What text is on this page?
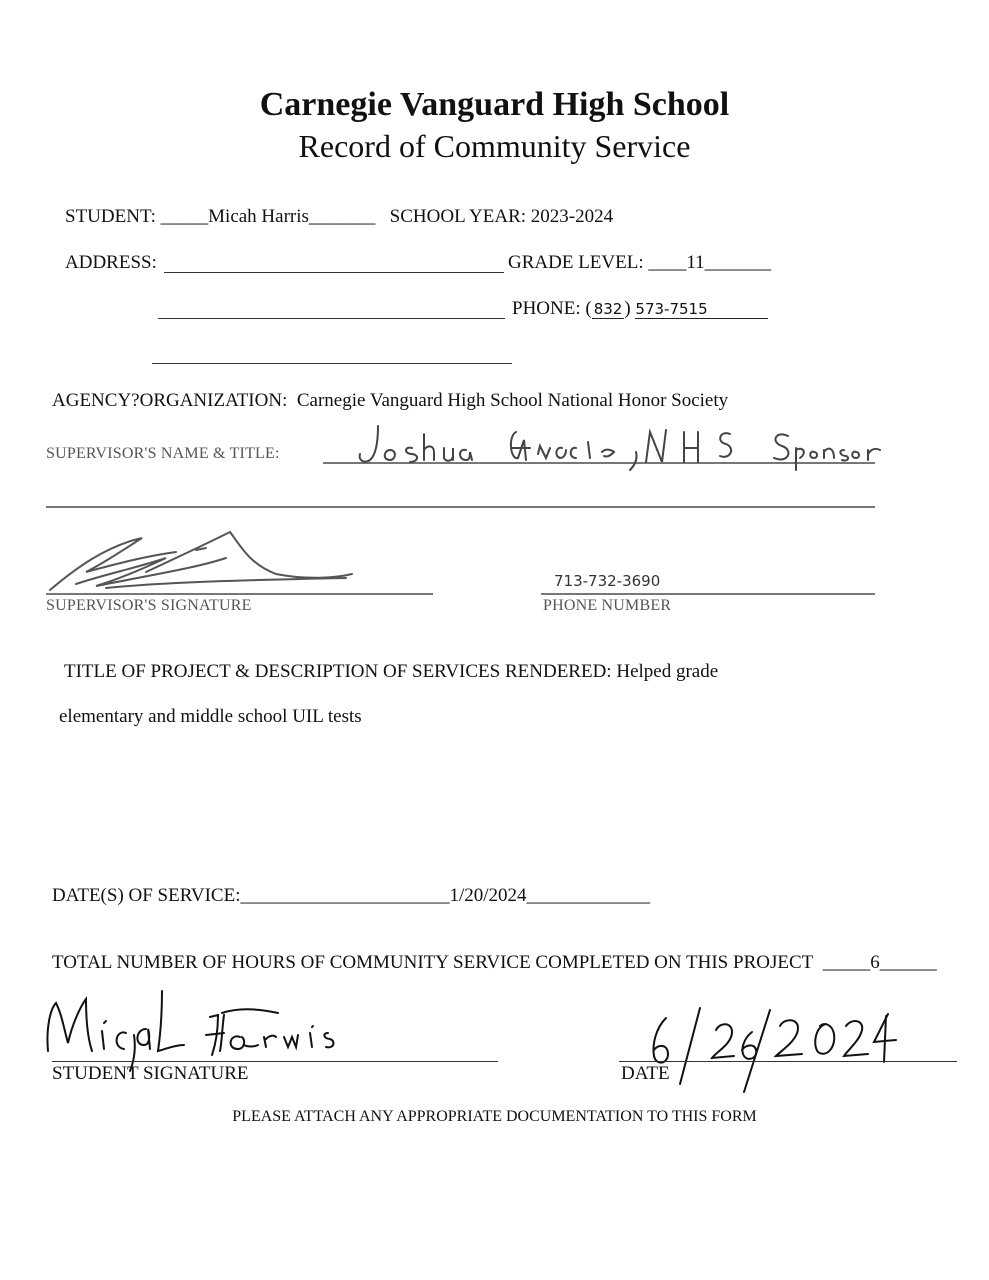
Carnegie Vanguard High School
Record of Community Service
STUDENT: _____Micah Harris_______ SCHOOL YEAR: 2023-2024
ADDRESS:	GRADE LEVEL: ____11_______
PHONE: ( 832 ) 573-7515
AGENCY?ORGANIZATION: Carnegie Vanguard High School National Honor Society
SUPERVISOR'S NAME & TITLE:
SUPERVISOR'S SIGNATURE
713-732-3690
PHONE NUMBER
TITLE OF PROJECT & DESCRIPTION OF SERVICES RENDERED: Helped grade
elementary and middle school UIL tests
DATE(S) OF SERVICE:______________________1/20/2024_____________
TOTAL NUMBER OF HOURS OF COMMUNITY SERVICE COMPLETED ON THIS PROJECT _____6______
STUDENT SIGNATURE	DATE
PLEASE ATTACH ANY APPROPRIATE DOCUMENTATION TO THIS FORM
